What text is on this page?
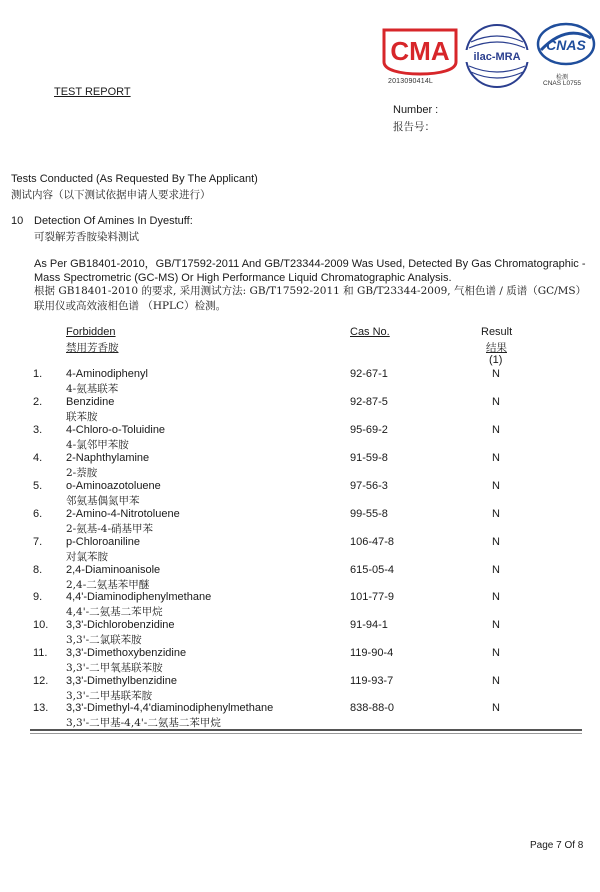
CMA
2013090414L
ilac-MRA
CNAS
检测
CNAS L0755
TEST REPORT
Number :
报告号：
Tests Conducted (As Requested By The Applicant)
测试内容（以下测试依据申请人要求进行）
10 Detection Of Amines In Dyestuff:
可裂解芳香胺染料测试
As Per GB18401-2010，GB/T17592-2011 And GB/T23344-2009 Was Used, Detected By Gas Chromatographic - Mass Spectrometric (GC-MS) Or High Performance Liquid Chromatographic Analysis.
根据 GB18401-2010 的要求, 采用测试方法: GB/T17592-2011 和 GB/T23344-2009, 气相色谱 / 质谱（GC/MS）联用仪或高效液相色谱 （HPLC）检测。
Forbidden
禁用芳香胺
Cas No.	Result
结果
(1)
1. 4-Aminodiphenyl
4-氨基联苯
92-67-1	N
2. Benzidine
联苯胺
92-87-5	N
3. 4-Chloro-o-Toluidine
4-氯邻甲苯胺
95-69-2	N
4. 2-Naphthylamine
2-萘胺
91-59-8	N
5. o-Aminoazotoluene
邻氨基偶氮甲苯
97-56-3	N
6. 2-Amino-4-Nitrotoluene
2-氨基-4-硝基甲苯
99-55-8	N
7. p-Chloroaniline
对氯苯胺
106-47-8	N
8. 2,4-Diaminoanisole
2,4-二氨基苯甲醚
615-05-4	N
9. 4,4'-Diaminodiphenylmethane
4,4'-二氨基二苯甲烷
101-77-9	N
10. 3,3'-Dichlorobenzidine
3,3'-二氯联苯胺
91-94-1	N
11. 3,3'-Dimethoxybenzidine
3,3'-二甲氧基联苯胺
119-90-4	N
12. 3,3'-Dimethylbenzidine
3,3'-二甲基联苯胺
119-93-7	N
13. 3,3'-Dimethyl-4,4'diaminodiphenylmethane
3,3'-二甲基-4,4'-二氨基二苯甲烷
838-88-0	N
Page 7 Of 8
